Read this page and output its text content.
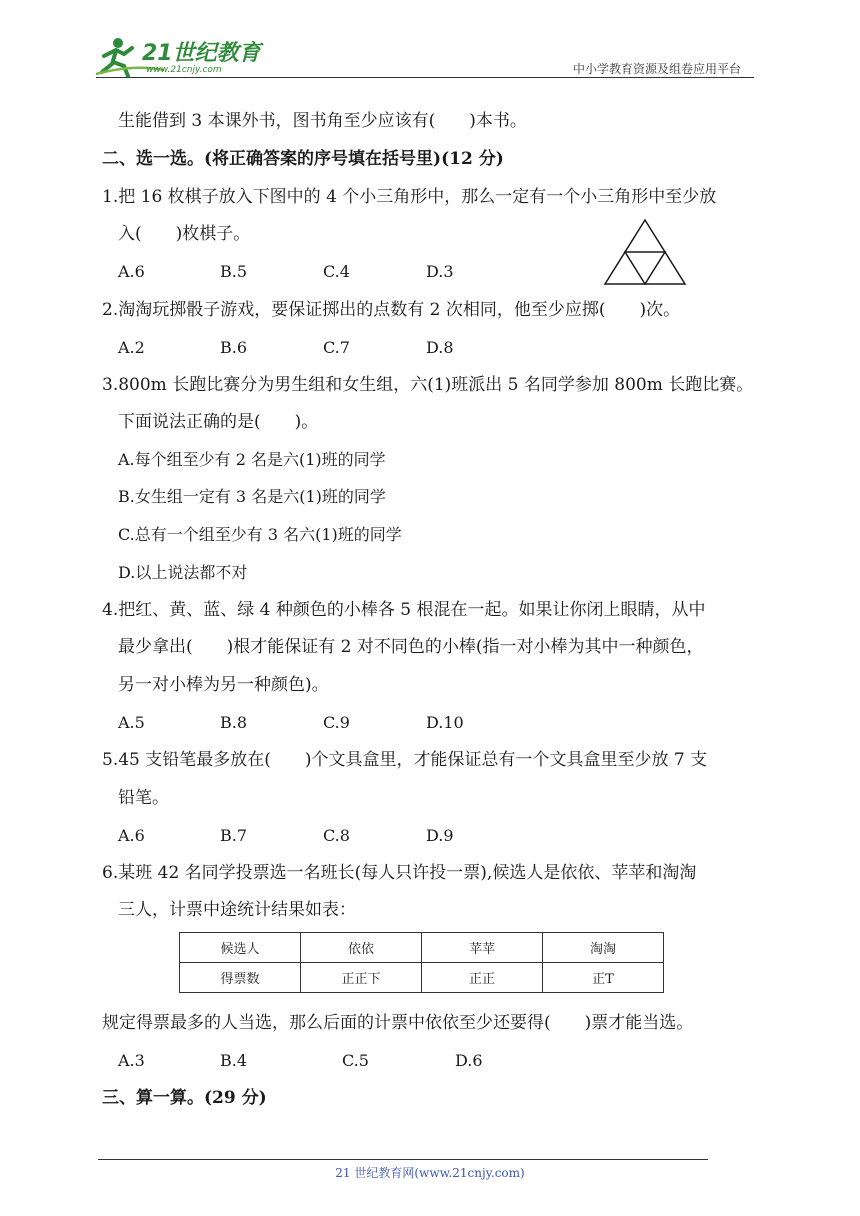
21世纪教育
www.21cnjy.com	中小学教育资源及组卷应用平台
生能借到 3 本课外书，图书角至少应该有(　　)本书。
二、选一选。(将正确答案的序号填在括号里)(12 分)
1.把 16 枚棋子放入下图中的 4 个小三角形中，那么一定有一个小三角形中至少放
入(　　)枚棋子。
A.6	B.5	C.4	D.3
2.淘淘玩掷骰子游戏，要保证掷出的点数有 2 次相同，他至少应掷(　　)次。
A.2	B.6	C.7	D.8
3.800m 长跑比赛分为男生组和女生组，六(1)班派出 5 名同学参加 800m 长跑比赛。
下面说法正确的是(　　)。
A.每个组至少有 2 名是六(1)班的同学
B.女生组一定有 3 名是六(1)班的同学
C.总有一个组至少有 3 名六(1)班的同学
D.以上说法都不对
4.把红、黄、蓝、绿 4 种颜色的小棒各 5 根混在一起。如果让你闭上眼睛，从中
最少拿出(　　)根才能保证有 2 对不同色的小棒(指一对小棒为其中一种颜色，
另一对小棒为另一种颜色)。
A.5	B.8	C.9	D.10
5.45 支铅笔最多放在(　　)个文具盒里，才能保证总有一个文具盒里至少放 7 支
铅笔。
A.6	B.7	C.8	D.9
6.某班 42 名同学投票选一名班长(每人只许投一票),候选人是依依、苹苹和淘淘
三人，计票中途统计结果如表：
候选人	依依	苹苹	淘淘
得票数	正正下	正正	正T
规定得票最多的人当选，那么后面的计票中依依至少还要得(　　)票才能当选。
A.3	B.4	C.5	D.6
三、算一算。(29 分)
21 世纪教育网(www.21cnjy.com)
